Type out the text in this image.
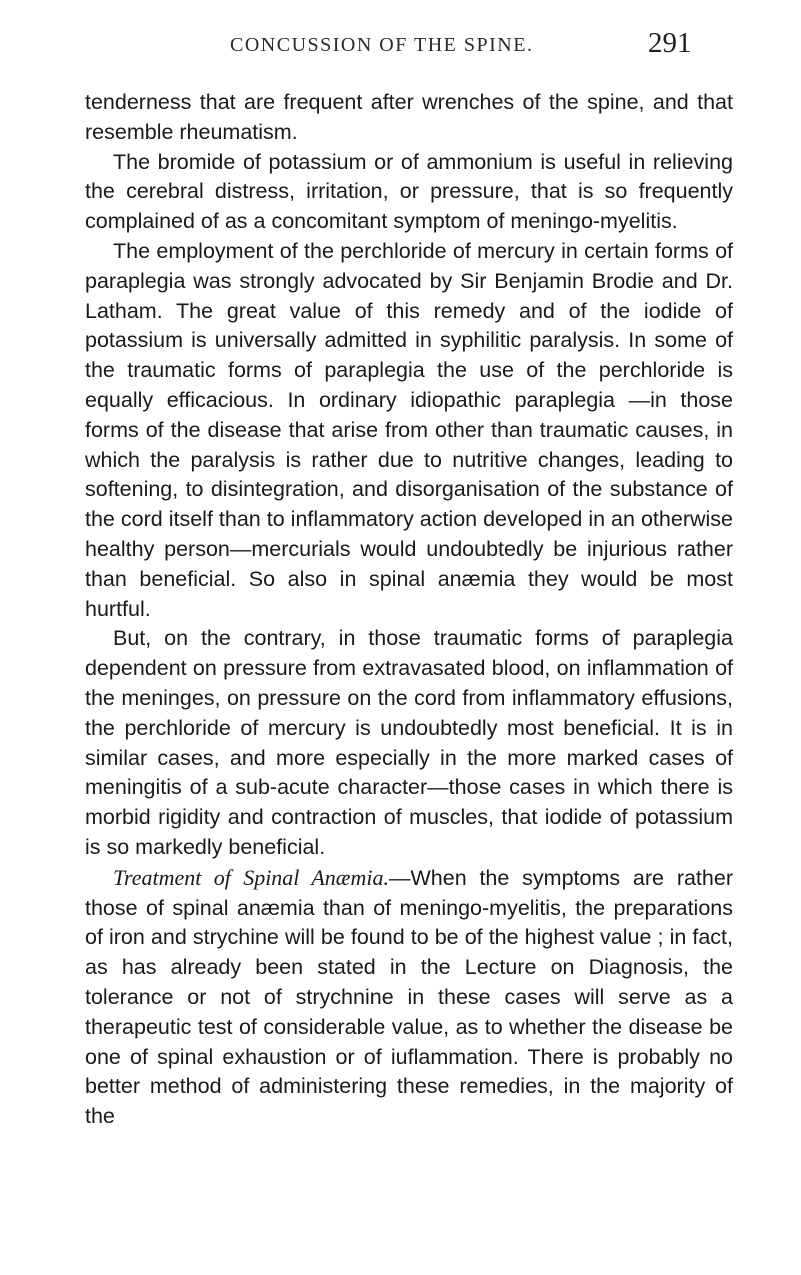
CONCUSSION OF THE SPINE.	291

tenderness that are frequent after wrenches of the spine, and that resemble rheumatism.

The bromide of potassium or of ammonium is useful in relieving the cerebral distress, irritation, or pressure, that is so frequently complained of as a concomitant symptom of meningo-myelitis.

The employment of the perchloride of mercury in certain forms of paraplegia was strongly advocated by Sir Benjamin Brodie and Dr. Latham. The great value of this remedy and of the iodide of potassium is universally admitted in syphilitic paralysis. In some of the traumatic forms of paraplegia the use of the perchloride is equally efficacious. In ordinary idiopathic paraplegia —in those forms of the disease that arise from other than traumatic causes, in which the paralysis is rather due to nutritive changes, leading to softening, to disintegration, and disorganisation of the substance of the cord itself than to inflammatory action developed in an otherwise healthy person—mercurials would undoubtedly be injurious rather than beneficial. So also in spinal anæmia they would be most hurtful.

But, on the contrary, in those traumatic forms of paraplegia dependent on pressure from extravasated blood, on inflammation of the meninges, on pressure on the cord from inflammatory effusions, the perchloride of mercury is undoubtedly most beneficial. It is in similar cases, and more especially in the more marked cases of meningitis of a sub-acute character—those cases in which there is morbid rigidity and contraction of muscles, that iodide of potassium is so markedly beneficial.

Treatment of Spinal Anæmia.—When the symptoms are rather those of spinal anæmia than of meningo-myelitis, the preparations of iron and strychine will be found to be of the highest value ; in fact, as has already been stated in the Lecture on Diagnosis, the tolerance or not of strychnine in these cases will serve as a therapeutic test of considerable value, as to whether the disease be one of spinal exhaustion or of iuflammation. There is probably no better method of administering these remedies, in the majority of the
